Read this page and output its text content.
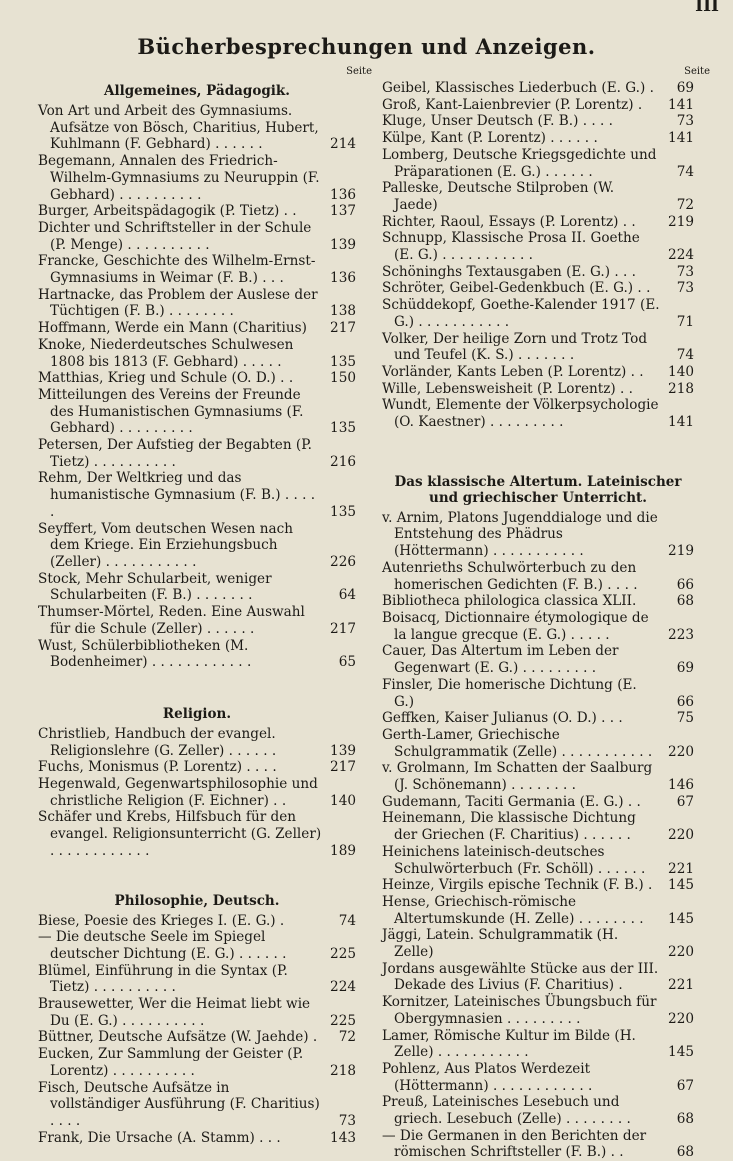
III
Bücherbesprechungen und Anzeigen.
Seite
Allgemeines, Pädagogik.
Von Art und Arbeit des Gymnasiums. Aufsätze von Bösch, Charitius, Hubert, Kuhlmann (F. Gebhard) . . . . . .	214
Begemann, Annalen des Friedrich-Wilhelm-Gymnasiums zu Neuruppin (F. Gebhard) . . . . . . . . . .	136
Burger, Arbeitspädagogik (P. Tietz) . . 137
Dichter und Schriftsteller in der Schule (P. Menge) . . . . . . . . . .	139
Francke, Geschichte des Wilhelm-Ernst-Gymnasiums in Weimar (F. B.) . . .	136
Hartnacke, das Problem der Auslese der Tüchtigen (F. B.) . . . . . . . .	138
Hoffmann, Werde ein Mann (Charitius) 217
Knoke, Niederdeutsches Schulwesen 1808 bis 1813 (F. Gebhard) . . . . .	135
Matthias, Krieg und Schule (O. D.) . .	150
Mitteilungen des Vereins der Freunde des Humanistischen Gymnasiums (F. Gebhard) . . . . . . . . .	135
Petersen, Der Aufstieg der Begabten (P. Tietz) . . . . . . . . . .	216
Rehm, Der Weltkrieg und das humanistische Gymnasium (F. B.) . . . . .	135
Seyffert, Vom deutschen Wesen nach dem Kriege. Ein Erziehungsbuch (Zeller) . . . . . . . . . . .	226
Stock, Mehr Schularbeit, weniger Schularbeiten (F. B.) . . . . . . .	64
Thumser-Mörtel, Reden. Eine Auswahl für die Schule (Zeller) . . . . . .	217
Wust, Schülerbibliotheken (M. Bodenheimer) . . . . . . . . . . . .	65
Religion.
Christlieb, Handbuch der evangel. Religionslehre (G. Zeller) . . . . . .	139
Fuchs, Monismus (P. Lorentz) . . . .	217
Hegenwald, Gegenwartsphilosophie und christliche Religion (F. Eichner) . .	140
Schäfer und Krebs, Hilfsbuch für den evangel. Religionsunterricht (G. Zeller) . . . . . . . . . . . .	189
Philosophie, Deutsch.
Biese, Poesie des Krieges I. (E. G.) .	74
— Die deutsche Seele im Spiegel deutscher Dichtung (E. G.) . . . . . .	225
Blümel, Einführung in die Syntax (P. Tietz) . . . . . . . . . .	224
Brausewetter, Wer die Heimat liebt wie Du (E. G.) . . . . . . . . . .	225
Büttner, Deutsche Aufsätze (W. Jaehde) . 72
Eucken, Zur Sammlung der Geister (P. Lorentz) . . . . . . . . . .	218
Fisch, Deutsche Aufsätze in vollständiger Ausführung (F. Charitius) . . . .	73
Frank, Die Ursache (A. Stamm) . . .	143
Seite
Geibel, Klassisches Liederbuch (E. G.) . 69
Groß, Kant-Laienbrevier (P. Lorentz) . 141
Kluge, Unser Deutsch (F. B.) . . . .	73
Külpe, Kant (P. Lorentz) . . . . . .	141
Lomberg, Deutsche Kriegsgedichte und Präparationen (E. G.) . . . . . .	74
Palleske, Deutsche Stilproben (W. Jaede)	72
Richter, Raoul, Essays (P. Lorentz) . . 219
Schnupp, Klassische Prosa II. Goethe (E. G.) . . . . . . . . . . .	224
Schöninghs Textausgaben (E. G.) . . .	73
Schröter, Geibel-Gedenkbuch (E. G.) . . 73
Schüddekopf, Goethe-Kalender 1917 (E. G.) . . . . . . . . . . .	71
Volker, Der heilige Zorn und Trotz Tod und Teufel (K. S.) . . . . . . .	74
Vorländer, Kants Leben (P. Lorentz) . . 140
Wille, Lebensweisheit (P. Lorentz) . .	218
Wundt, Elemente der Völkerpsychologie (O. Kaestner) . . . . . . . . .	141
Das klassische Altertum. Lateinischer und griechischer Unterricht.
v. Arnim, Platons Jugenddialoge und die Entstehung des Phädrus (Höttermann) . . . . . . . . . . .	219
Autenrieths Schulwörterbuch zu den homerischen Gedichten (F. B.) . . . .	66
Bibliotheca philologica classica XLII.	68
Boisacq, Dictionnaire étymologique de la langue grecque (E. G.) . . . . .	223
Cauer, Das Altertum im Leben der Gegenwart (E. G.) . . . . . . . . .	69
Finsler, Die homerische Dichtung (E. G.)	66
Geffken, Kaiser Julianus (O. D.) . . .	75
Gerth-Lamer, Griechische Schulgrammatik (Zelle) . . . . . . . . . . . 220
v. Grolmann, Im Schatten der Saalburg (J. Schönemann) . . . . . . . .	146
Gudemann, Taciti Germania (E. G.) . .	67
Heinemann, Die klassische Dichtung der Griechen (F. Charitius) . . . . . .	220
Heinichens lateinisch-deutsches Schulwörterbuch (Fr. Schöll) . . . . . . 221
Heinze, Virgils epische Technik (F. B.) . 145
Hense, Griechisch-römische Altertumskunde (H. Zelle) . . . . . . . . 145
Jäggi, Latein. Schulgrammatik (H. Zelle)	220
Jordans ausgewählte Stücke aus der III. Dekade des Livius (F. Charitius) .	221
Kornitzer, Lateinisches Übungsbuch für Obergymnasien . . . . . . . . .	220
Lamer, Römische Kultur im Bilde (H. Zelle) . . . . . . . . . . .	145
Pohlenz, Aus Platos Werdezeit (Höttermann) . . . . . . . . . . . .	67
Preuß, Lateinisches Lesebuch und griech. Lesebuch (Zelle) . . . . . . . .	68
— Die Germanen in den Berichten der römischen Schriftsteller (F. B.) . .	68
